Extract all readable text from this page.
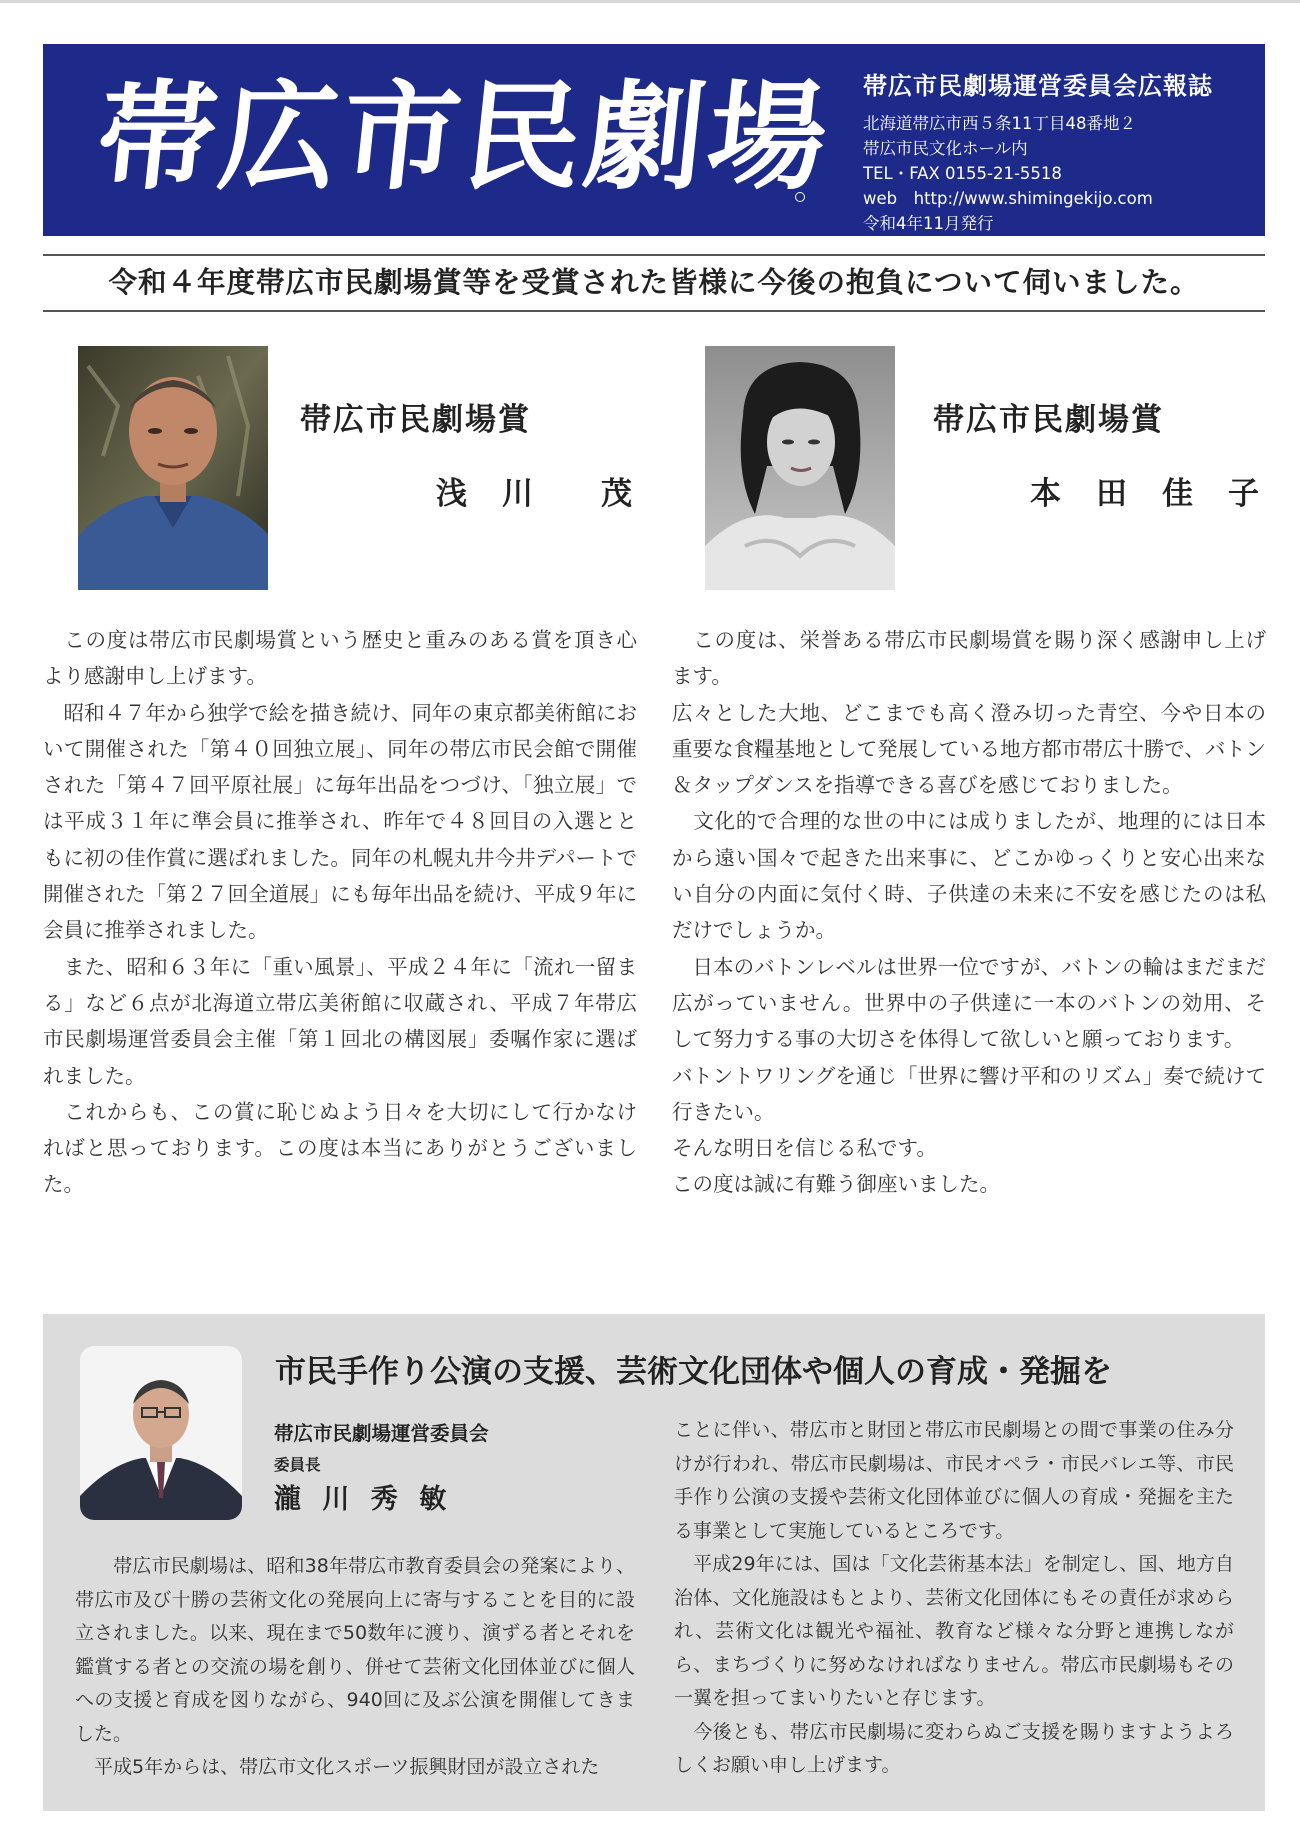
帯広市民劇場 帯広市民劇場運営委員会広報誌
北海道帯広市西５条11丁目48番地２
帯広市民文化ホール内
TEL・FAX 0155-21-5518
web　http://www.shimingekijo.com
令和4年11月発行
令和４年度帯広市民劇場賞等を受賞された皆様に今後の抱負について伺いました。
帯広市民劇場賞
浅　川　　茂

　この度は帯広市民劇場賞という歴史と重みのある賞を頂き心より感謝申し上げます。

　昭和４７年から独学で絵を描き続け、同年の東京都美術館において開催された「第４０回独立展」、同年の帯広市民会館で開催された「第４７回平原社展」に毎年出品をつづけ、「独立展」では平成３１年に準会員に推挙され、昨年で４８回目の入選とともに初の佳作賞に選ばれました。同年の札幌丸井今井デパートで開催された「第２７回全道展」にも毎年出品を続け、平成９年に会員に推挙されました。

　また、昭和６３年に「重い風景」、平成２４年に「流れ一留まる」など６点が北海道立帯広美術館に収蔵され、平成７年帯広市民劇場運営委員会主催「第１回北の構図展」委嘱作家に選ばれました。

　これからも、この賞に恥じぬよう日々を大切にして行かなければと思っております。この度は本当にありがとうございました。

帯広市民劇場賞
本　田　佳　子

　この度は、栄誉ある帯広市民劇場賞を賜り深く感謝申し上げます。

広々とした大地、どこまでも高く澄み切った青空、今や日本の重要な食糧基地として発展している地方都市帯広十勝で、バトン＆タップダンスを指導できる喜びを感じておりました。

　文化的で合理的な世の中には成りましたが、地理的には日本から遠い国々で起きた出来事に、どこかゆっくりと安心出来ない自分の内面に気付く時、子供達の未来に不安を感じたのは私だけでしょうか。

　日本のバトンレベルは世界一位ですが、バトンの輪はまだまだ広がっていません。世界中の子供達に一本のバトンの効用、そして努力する事の大切さを体得して欲しいと願っております。

バトントワリングを通じ「世界に響け平和のリズム」奏で続けて行きたい。

そんな明日を信じる私です。

この度は誠に有難う御座いました。

市民手作り公演の支援、芸術文化団体や個人の育成・発掘を
帯広市民劇場運営委員会
委員長
瀧 川 秀 敏

　　帯広市民劇場は、昭和38年帯広市教育委員会の発案により、帯広市及び十勝の芸術文化の発展向上に寄与することを目的に設立されました。以来、現在まで50数年に渡り、演ずる者とそれを鑑賞する者との交流の場を創り、併せて芸術文化団体並びに個人への支援と育成を図りながら、940回に及ぶ公演を開催してきました。

　平成5年からは、帯広市文化スポーツ振興財団が設立された

ことに伴い、帯広市と財団と帯広市民劇場との間で事業の住み分けが行われ、帯広市民劇場は、市民オペラ・市民バレエ等、市民手作り公演の支援や芸術文化団体並びに個人の育成・発掘を主たる事業として実施しているところです。

　平成29年には、国は「文化芸術基本法」を制定し、国、地方自治体、文化施設はもとより、芸術文化団体にもその責任が求められ、芸術文化は観光や福祉、教育など様々な分野と連携しながら、まちづくりに努めなければなりません。帯広市民劇場もその一翼を担ってまいりたいと存じます。

　今後とも、帯広市民劇場に変わらぬご支援を賜りますようよろしくお願い申し上げます。
